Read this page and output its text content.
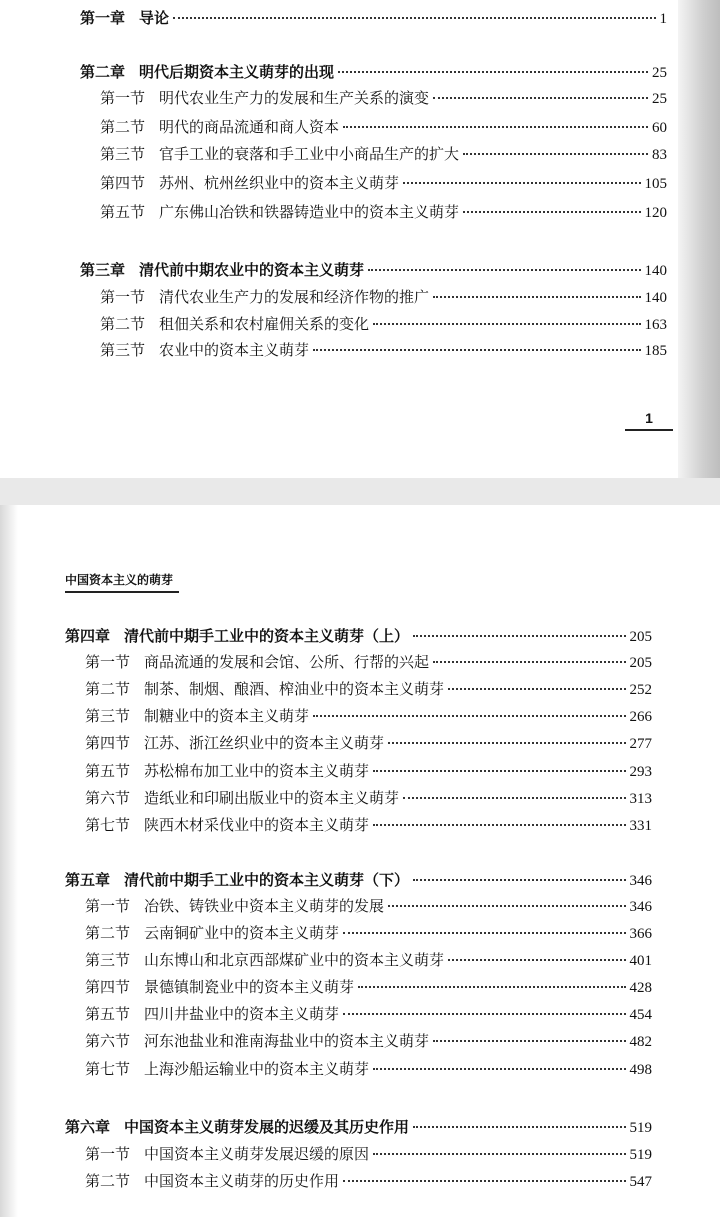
1
第一章 导论	1
第二章 明代后期资本主义萌芽的出现	25
第一节 明代农业生产力的发展和生产关系的演变	25
第二节 明代的商品流通和商人资本	60
第三节 官手工业的衰落和手工业中小商品生产的扩大	83
第四节 苏州、杭州丝织业中的资本主义萌芽	105
第五节 广东佛山冶铁和铁器铸造业中的资本主义萌芽	120
第三章 清代前中期农业中的资本主义萌芽	140
第一节 清代农业生产力的发展和经济作物的推广	140
第二节 租佃关系和农村雇佣关系的变化	163
第三节 农业中的资本主义萌芽	185
中国资本主义的萌芽
第四章 清代前中期手工业中的资本主义萌芽（上）	205
第一节 商品流通的发展和会馆、公所、行帮的兴起	205
第二节 制茶、制烟、酿酒、榨油业中的资本主义萌芽	252
第三节 制糖业中的资本主义萌芽	266
第四节 江苏、浙江丝织业中的资本主义萌芽	277
第五节 苏松棉布加工业中的资本主义萌芽	293
第六节 造纸业和印刷出版业中的资本主义萌芽	313
第七节 陕西木材采伐业中的资本主义萌芽	331
第五章 清代前中期手工业中的资本主义萌芽（下）	346
第一节 冶铁、铸铁业中资本主义萌芽的发展	346
第二节 云南铜矿业中的资本主义萌芽	366
第三节 山东博山和北京西部煤矿业中的资本主义萌芽	401
第四节 景德镇制瓷业中的资本主义萌芽	428
第五节 四川井盐业中的资本主义萌芽	454
第六节 河东池盐业和淮南海盐业中的资本主义萌芽	482
第七节 上海沙船运输业中的资本主义萌芽	498
第六章 中国资本主义萌芽发展的迟缓及其历史作用	519
第一节 中国资本主义萌芽发展迟缓的原因	519
第二节 中国资本主义萌芽的历史作用	547
